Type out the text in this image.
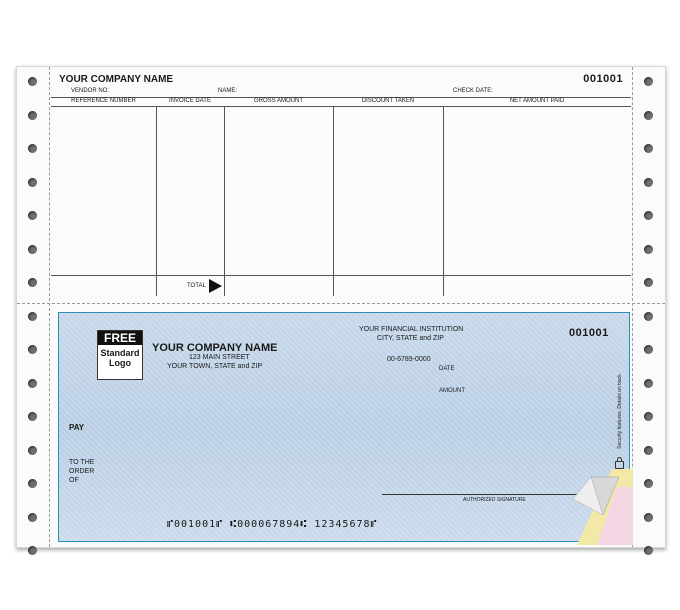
YOUR COMPANY NAME	001001
VENDOR NO:	NAME:	CHECK DATE:
REFERENCE NUMBER	INVOICE DATE	GROSS AMOUNT	DISCOUNT TAKEN	NET AMOUNT PAID
TOTAL
FREE
Standard
Logo
YOUR COMPANY NAME
123 MAIN STREET
YOUR TOWN, STATE and ZIP
YOUR FINANCIAL INSTITUTION
CITY, STATE and ZIP
00-6789-0000
001001
DATE
AMOUNT
PAY
TO THE
ORDER
OF
AUTHORIZED SIGNATURE
Security features. Details on back.
⑈001001⑈ ⑆000067894⑆ 12345678⑈
